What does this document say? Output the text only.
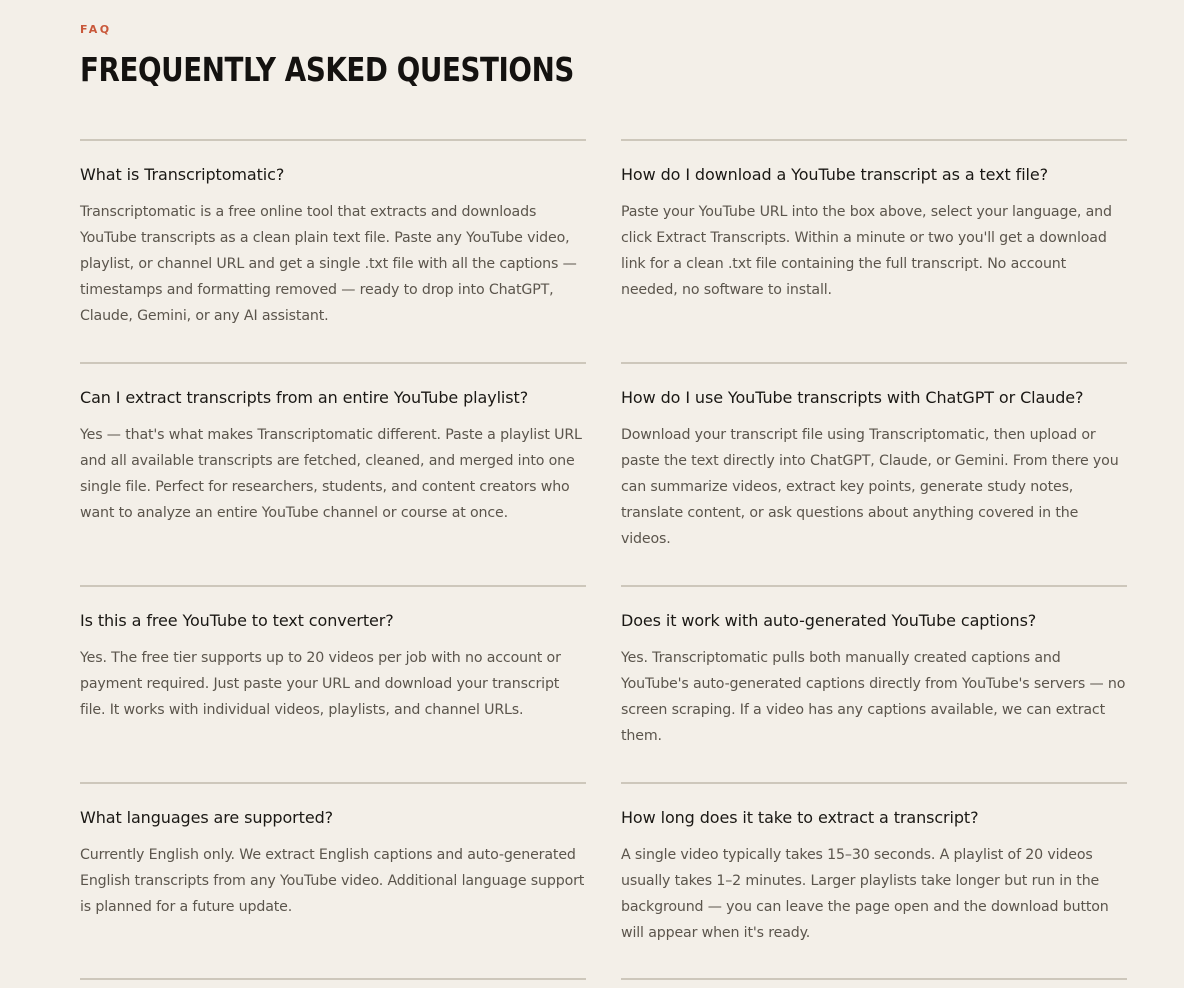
FAQ
FREQUENTLY ASKED QUESTIONS
What is Transcriptomatic?

Transcriptomatic is a free online tool that extracts and downloads YouTube transcripts as a clean plain text file. Paste any YouTube video, playlist, or channel URL and get a single .txt file with all the captions — timestamps and formatting removed — ready to drop into ChatGPT, Claude, Gemini, or any AI assistant.

How do I download a YouTube transcript as a text file?

Paste your YouTube URL into the box above, select your language, and click Extract Transcripts. Within a minute or two you'll get a download link for a clean .txt file containing the full transcript. No account needed, no software to install.

Can I extract transcripts from an entire YouTube playlist?

Yes — that's what makes Transcriptomatic different. Paste a playlist URL and all available transcripts are fetched, cleaned, and merged into one single file. Perfect for researchers, students, and content creators who want to analyze an entire YouTube channel or course at once.

How do I use YouTube transcripts with ChatGPT or Claude?

Download your transcript file using Transcriptomatic, then upload or paste the text directly into ChatGPT, Claude, or Gemini. From there you can summarize videos, extract key points, generate study notes, translate content, or ask questions about anything covered in the videos.

Is this a free YouTube to text converter?

Yes. The free tier supports up to 20 videos per job with no account or payment required. Just paste your URL and download your transcript file. It works with individual videos, playlists, and channel URLs.

Does it work with auto-generated YouTube captions?

Yes. Transcriptomatic pulls both manually created captions and YouTube's auto-generated captions directly from YouTube's servers — no screen scraping. If a video has any captions available, we can extract them.

What languages are supported?

Currently English only. We extract English captions and auto-generated English transcripts from any YouTube video. Additional language support is planned for a future update.

How long does it take to extract a transcript?

A single video typically takes 15–30 seconds. A playlist of 20 videos usually takes 1–2 minutes. Larger playlists take longer but run in the background — you can leave the page open and the download button will appear when it's ready.
